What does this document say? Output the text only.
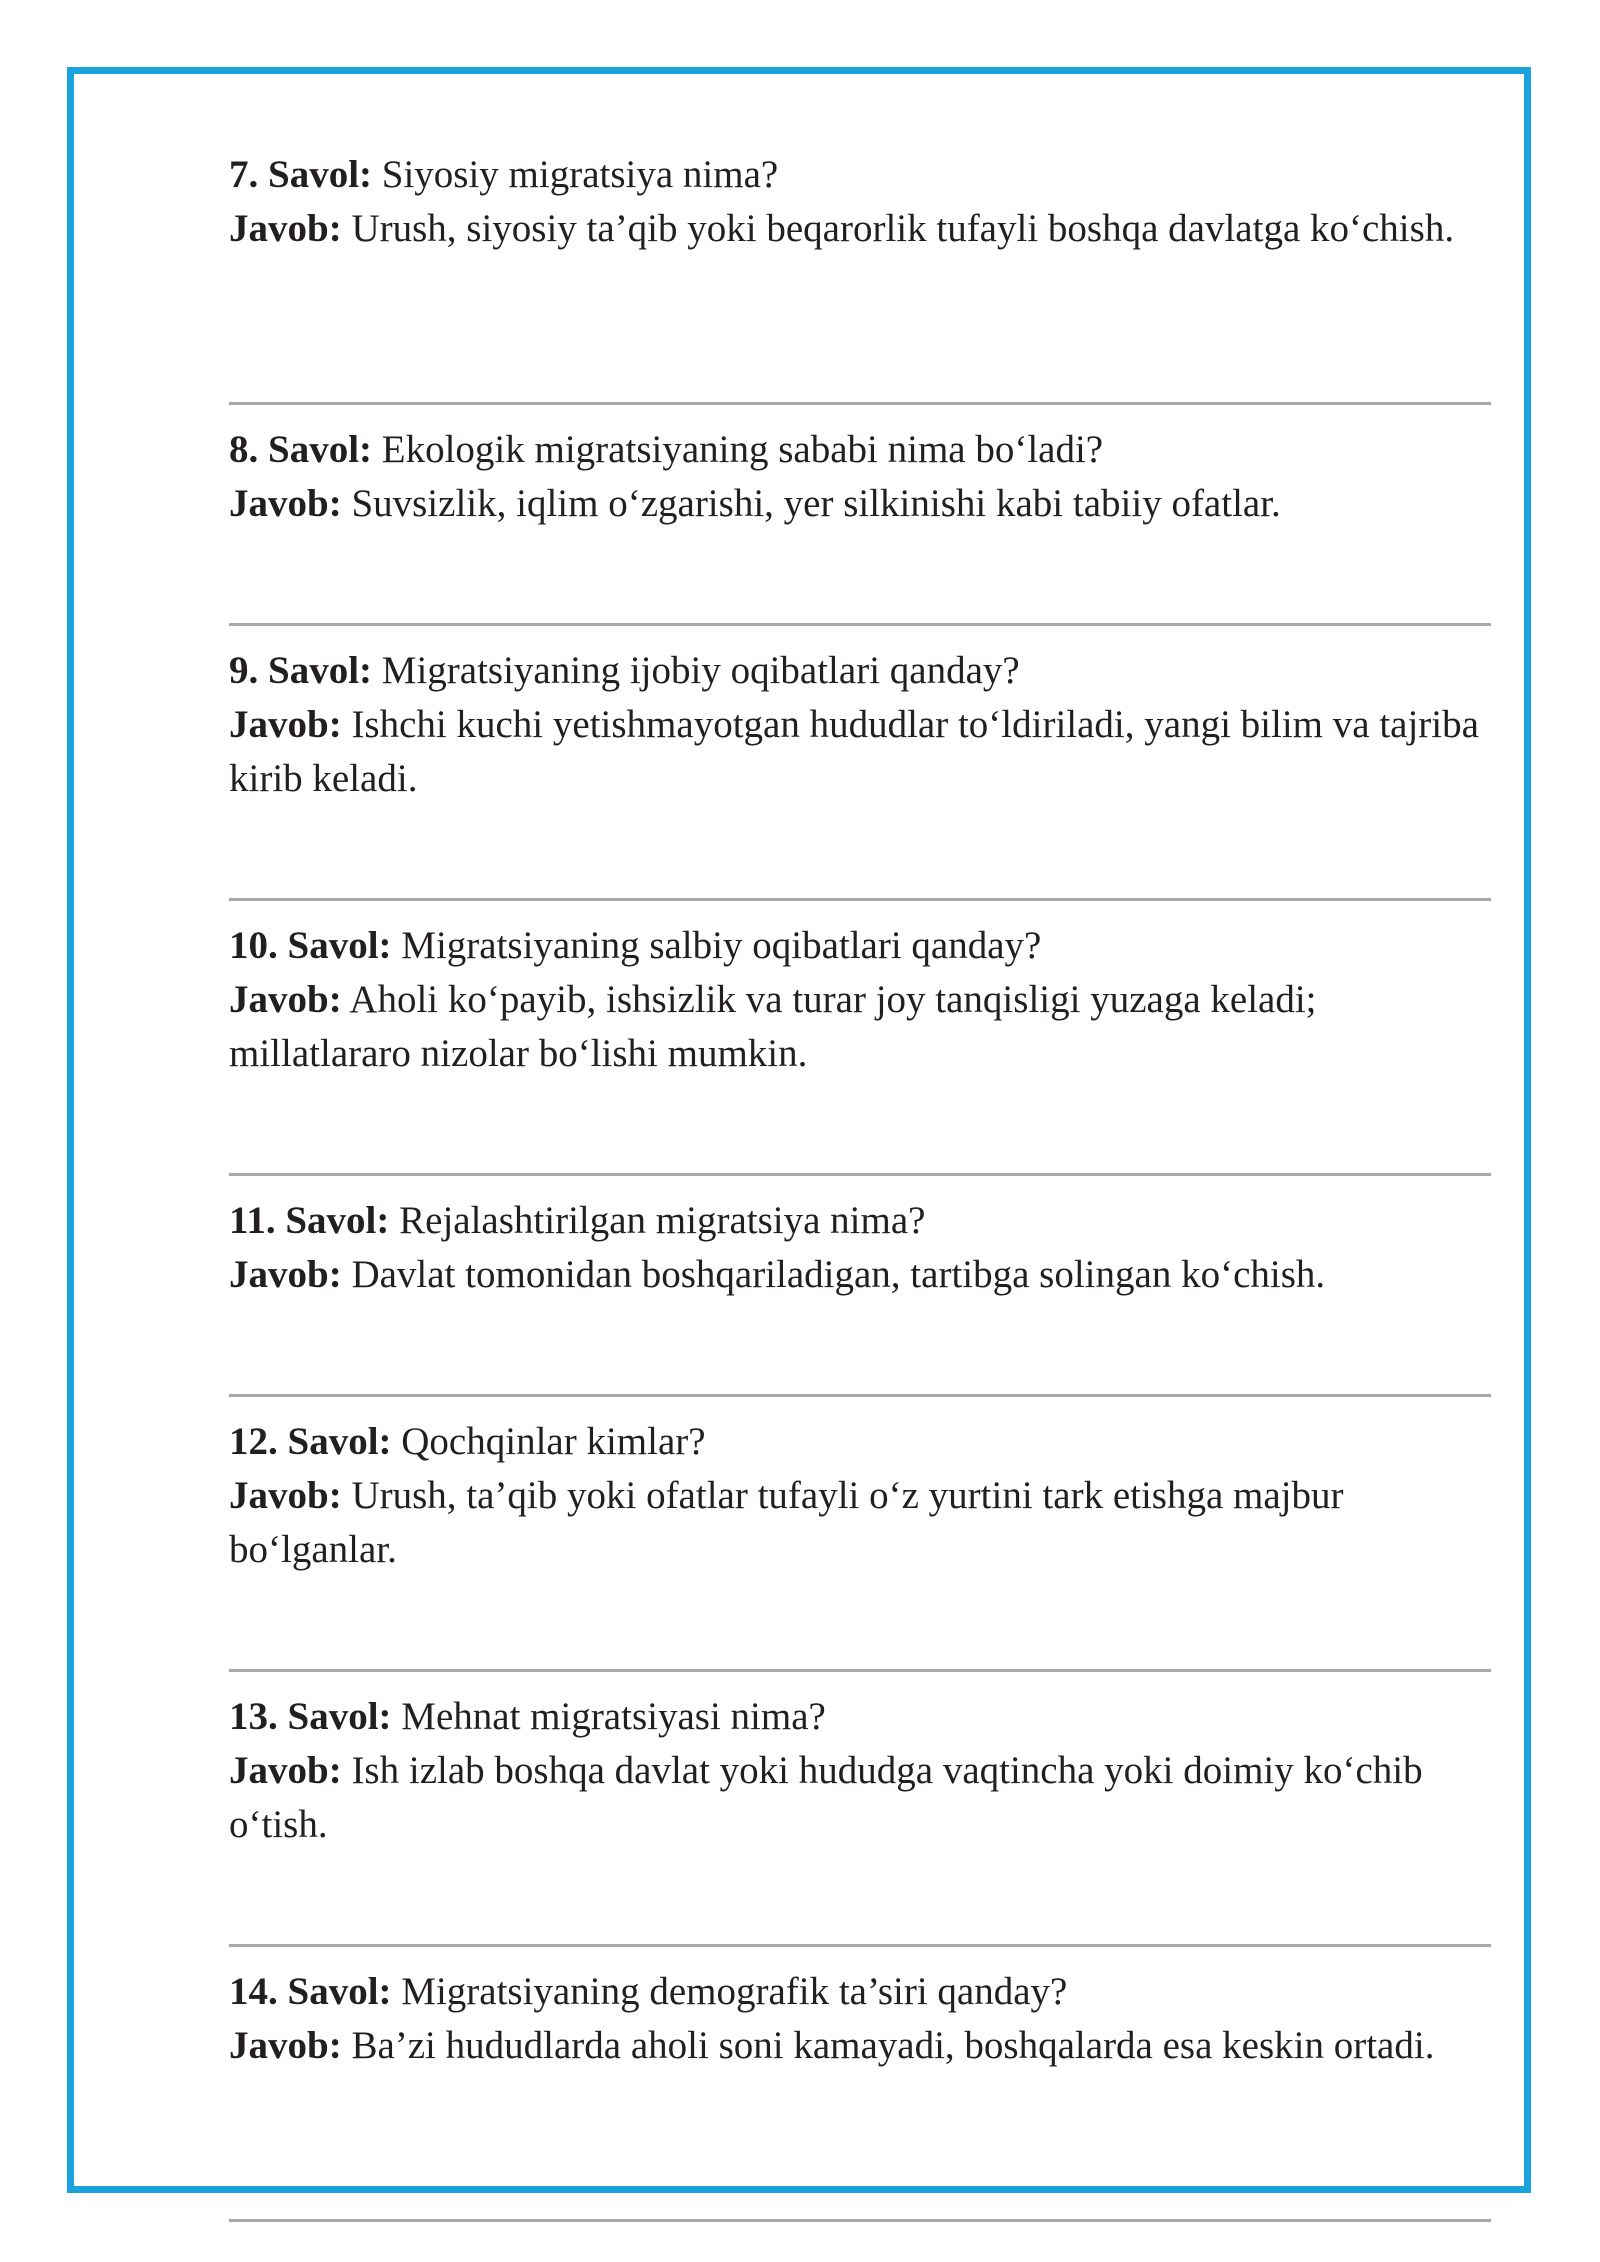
7. Savol: Siyosiy migratsiya nima?

Javob: Urush, siyosiy ta’qib yoki beqarorlik tufayli boshqa davlatga ko‘chish.

8. Savol: Ekologik migratsiyaning sababi nima bo‘ladi?

Javob: Suvsizlik, iqlim o‘zgarishi, yer silkinishi kabi tabiiy ofatlar.

9. Savol: Migratsiyaning ijobiy oqibatlari qanday?

Javob: Ishchi kuchi yetishmayotgan hududlar to‘ldiriladi, yangi bilim va tajriba kirib keladi.

10. Savol: Migratsiyaning salbiy oqibatlari qanday?

Javob: Aholi ko‘payib, ishsizlik va turar joy tanqisligi yuzaga keladi; millatlararo nizolar bo‘lishi mumkin.

11. Savol: Rejalashtirilgan migratsiya nima?

Javob: Davlat tomonidan boshqariladigan, tartibga solingan ko‘chish.

12. Savol: Qochqinlar kimlar?

Javob: Urush, ta’qib yoki ofatlar tufayli o‘z yurtini tark etishga majbur bo‘lganlar.

13. Savol: Mehnat migratsiyasi nima?

Javob: Ish izlab boshqa davlat yoki hududga vaqtincha yoki doimiy ko‘chib o‘tish.

14. Savol: Migratsiyaning demografik ta’siri qanday?

Javob: Ba’zi hududlarda aholi soni kamayadi, boshqalarda esa keskin ortadi.
